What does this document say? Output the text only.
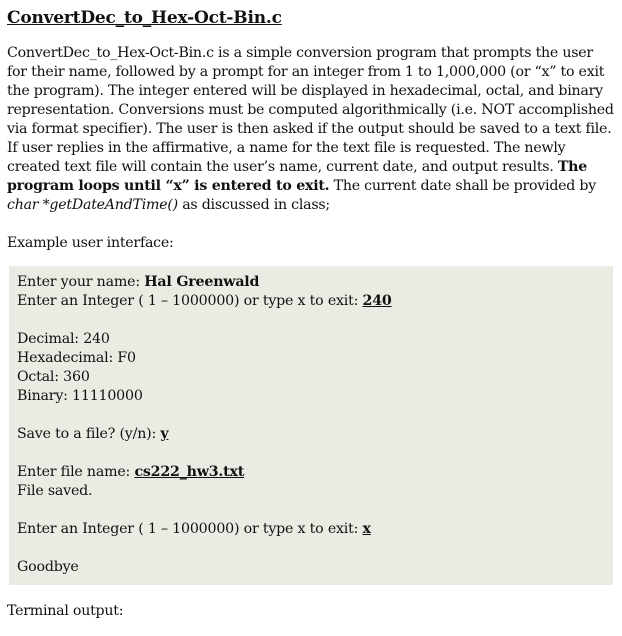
ConvertDec_to_Hex-Oct-Bin.c

ConvertDec_to_Hex-Oct-Bin.c is a simple conversion program that prompts the user for their name, followed by a prompt for an integer from 1 to 1,000,000 (or “x” to exit the program). The integer entered will be displayed in hexadecimal, octal, and binary representation. Conversions must be computed algorithmically (i.e. NOT accomplished via format specifier). The user is then asked if the output should be saved to a text file. If user replies in the affirmative, a name for the text file is requested. The newly created text file will contain the user’s name, current date, and output results. The program loops until “x” is entered to exit. The current date shall be provided by char *getDateAndTime() as discussed in class;

Example user interface:
Enter your name: Hal Greenwald
Enter an Integer ( 1 – 1000000) or type x to exit: 240
Decimal: 240
Hexadecimal: F0
Octal: 360
Binary: 11110000
Save to a file? (y/n): y
Enter file name: cs222_hw3.txt
File saved.
Enter an Integer ( 1 – 1000000) or type x to exit: x
Goodbye
Terminal output:
